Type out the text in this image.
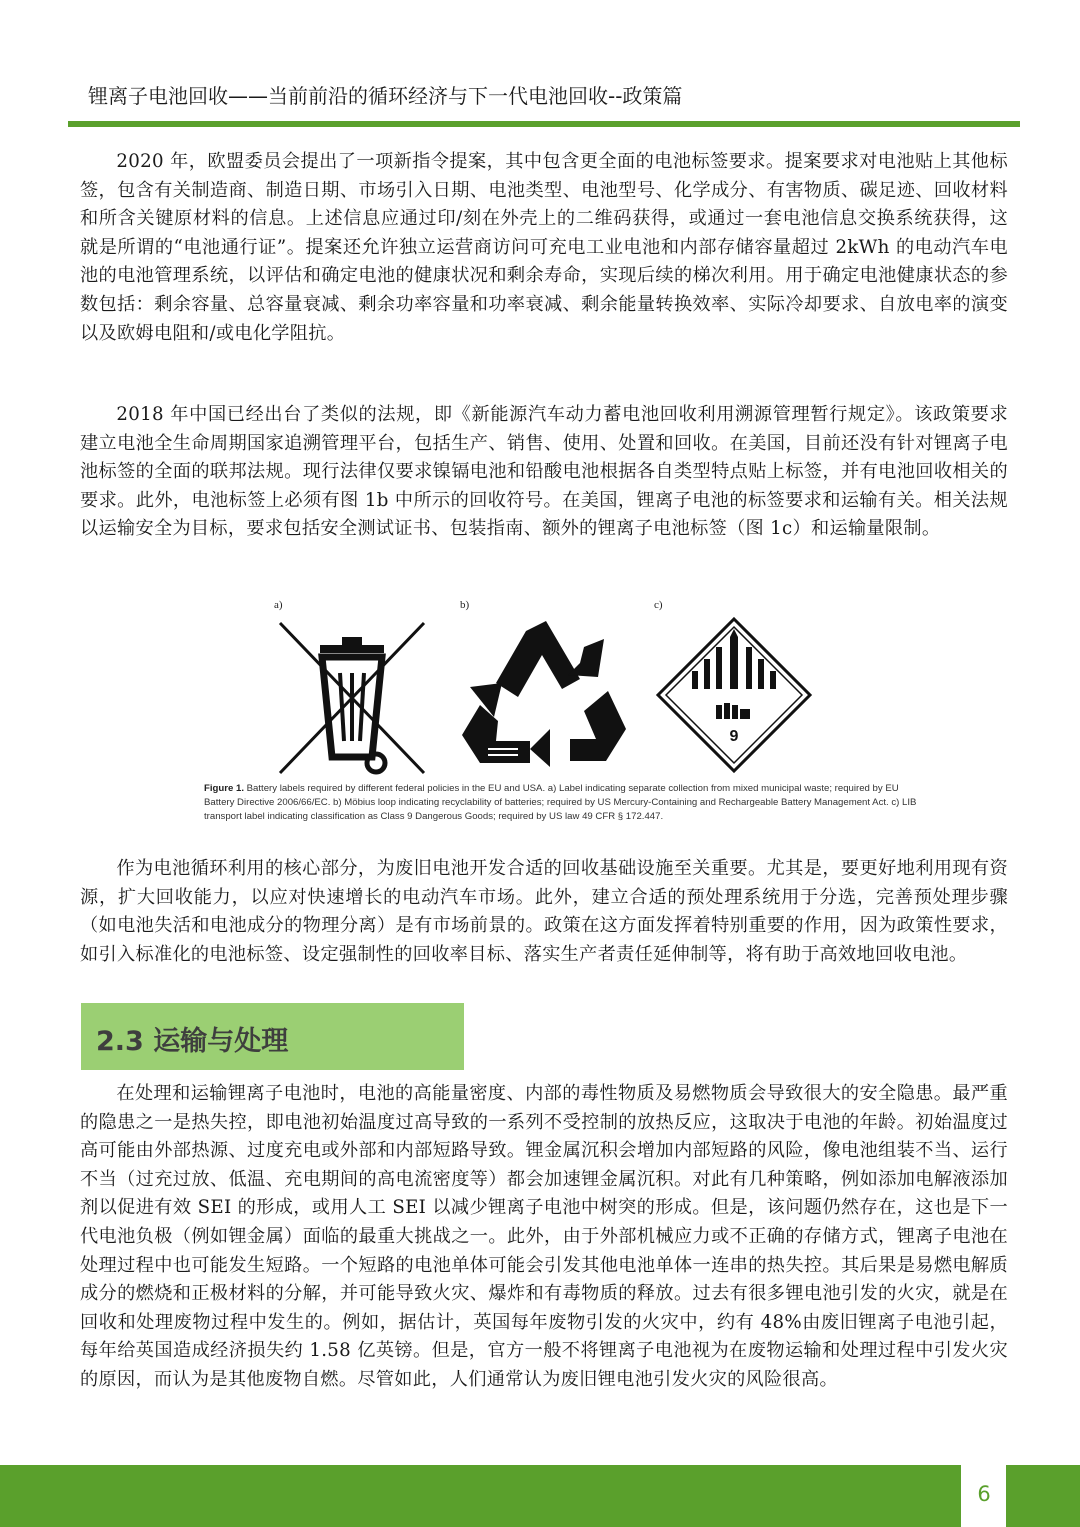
锂离子电池回收——当前前沿的循环经济与下一代电池回收--政策篇

2020 年，欧盟委员会提出了一项新指令提案，其中包含更全面的电池标签要求。提案要求对电池贴上其他标签，包含有关制造商、制造日期、市场引入日期、电池类型、电池型号、化学成分、有害物质、碳足迹、回收材料和所含关键原材料的信息。上述信息应通过印/刻在外壳上的二维码获得，或通过一套电池信息交换系统获得，这就是所谓的“电池通行证”。提案还允许独立运营商访问可充电工业电池和内部存储容量超过 2kWh 的电动汽车电池的电池管理系统，以评估和确定电池的健康状况和剩余寿命，实现后续的梯次利用。用于确定电池健康状态的参数包括：剩余容量、总容量衰减、剩余功率容量和功率衰减、剩余能量转换效率、实际冷却要求、自放电率的演变以及欧姆电阻和/或电化学阻抗。

2018 年中国已经出台了类似的法规，即《新能源汽车动力蓄电池回收利用溯源管理暂行规定》。该政策要求建立电池全生命周期国家追溯管理平台，包括生产、销售、使用、处置和回收。在美国，目前还没有针对锂离子电池标签的全面的联邦法规。现行法律仅要求镍镉电池和铅酸电池根据各自类型特点贴上标签，并有电池回收相关的要求。此外，电池标签上必须有图 1b 中所示的回收符号。在美国，锂离子电池的标签要求和运输有关。相关法规以运输安全为目标，要求包括安全测试证书、包装指南、额外的锂离子电池标签（图 1c）和运输量限制。

a)	b)	c)
9
Figure 1. Battery labels required by different federal policies in the EU and USA. a) Label indicating separate collection from mixed municipal waste; required by EU Battery Directive 2006/66/EC. b) Möbius loop indicating recyclability of batteries; required by US Mercury-Containing and Rechargeable Battery Management Act. c) LIB transport label indicating classification as Class 9 Dangerous Goods; required by US law 49 CFR § 172.447.

作为电池循环利用的核心部分，为废旧电池开发合适的回收基础设施至关重要。尤其是，要更好地利用现有资源，扩大回收能力，以应对快速增长的电动汽车市场。此外，建立合适的预处理系统用于分选，完善预处理步骤（如电池失活和电池成分的物理分离）是有市场前景的。政策在这方面发挥着特别重要的作用，因为政策性要求，如引入标准化的电池标签、设定强制性的回收率目标、落实生产者责任延伸制等，将有助于高效地回收电池。

2.3 运输与处理

在处理和运输锂离子电池时，电池的高能量密度、内部的毒性物质及易燃物质会导致很大的安全隐患。最严重的隐患之一是热失控，即电池初始温度过高导致的一系列不受控制的放热反应，这取决于电池的年龄。初始温度过高可能由外部热源、过度充电或外部和内部短路导致。锂金属沉积会增加内部短路的风险，像电池组装不当、运行不当（过充过放、低温、充电期间的高电流密度等）都会加速锂金属沉积。对此有几种策略，例如添加电解液添加剂以促进有效 SEI 的形成，或用人工 SEI 以减少锂离子电池中树突的形成。但是，该问题仍然存在，这也是下一代电池负极（例如锂金属）面临的最重大挑战之一。此外，由于外部机械应力或不正确的存储方式，锂离子电池在处理过程中也可能发生短路。一个短路的电池单体可能会引发其他电池单体一连串的热失控。其后果是易燃电解质成分的燃烧和正极材料的分解，并可能导致火灾、爆炸和有毒物质的释放。过去有很多锂电池引发的火灾，就是在回收和处理废物过程中发生的。例如，据估计，英国每年废物引发的火灾中，约有 48%由废旧锂离子电池引起，每年给英国造成经济损失约 1.58 亿英镑。但是，官方一般不将锂离子电池视为在废物运输和处理过程中引发火灾的原因，而认为是其他废物自燃。尽管如此，人们通常认为废旧锂电池引发火灾的风险很高。

6
